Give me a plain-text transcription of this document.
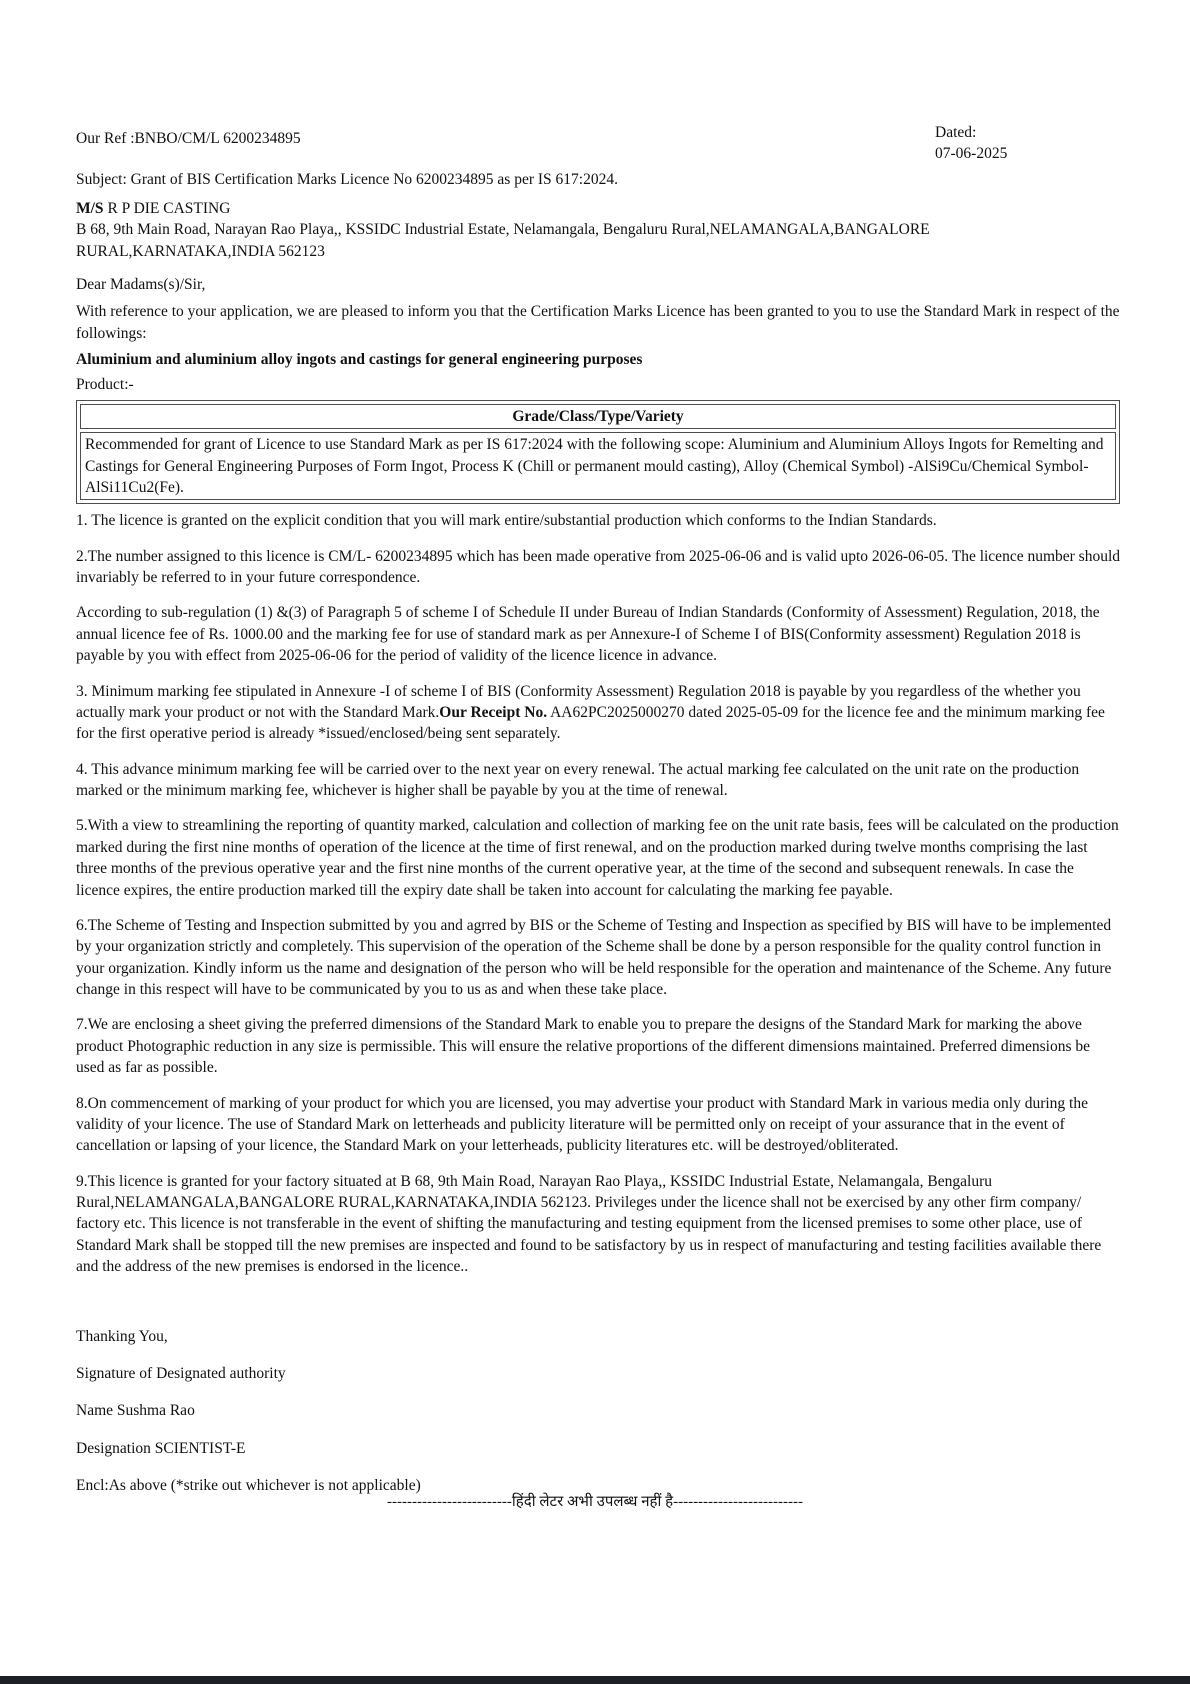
Dated:
07-06-2025

Our Ref :BNBO/CM/L 6200234895

Subject: Grant of BIS Certification Marks Licence No 6200234895 as per IS 617:2024.

M/S R P DIE CASTING

B 68, 9th Main Road, Narayan Rao Playa,, KSSIDC Industrial Estate, Nelamangala, Bengaluru Rural,NELAMANGALA,BANGALORE RURAL,KARNATAKA,INDIA 562123

Dear Madams(s)/Sir,

With reference to your application, we are pleased to inform you that the Certification Marks Licence has been granted to you to use the Standard Mark in respect of the followings:

Aluminium and aluminium alloy ingots and castings for general engineering purposes

Product:-

Grade/Class/Type/Variety
Recommended for grant of Licence to use Standard Mark as per IS 617:2024 with the following scope: Aluminium and Aluminium Alloys Ingots for Remelting and Castings for General Engineering Purposes of Form Ingot, Process K (Chill or permanent mould casting), Alloy (Chemical Symbol) -AlSi9Cu/Chemical Symbol-AlSi11Cu2(Fe).

1. The licence is granted on the explicit condition that you will mark entire/substantial production which conforms to the Indian Standards.

2.The number assigned to this licence is CM/L- 6200234895 which has been made operative from 2025-06-06 and is valid upto 2026-06-05. The licence number should invariably be referred to in your future correspondence.

According to sub-regulation (1) &(3) of Paragraph 5 of scheme I of Schedule II under Bureau of Indian Standards (Conformity of Assessment) Regulation, 2018, the annual licence fee of Rs. 1000.00 and the marking fee for use of standard mark as per Annexure-I of Scheme I of BIS(Conformity assessment) Regulation 2018 is payable by you with effect from 2025-06-06 for the period of validity of the licence licence in advance.

3. Minimum marking fee stipulated in Annexure -I of scheme I of BIS (Conformity Assessment) Regulation 2018 is payable by you regardless of the whether you actually mark your product or not with the Standard Mark.Our Receipt No. AA62PC2025000270 dated 2025-05-09 for the licence fee and the minimum marking fee for the first operative period is already *issued/enclosed/being sent separately.

4. This advance minimum marking fee will be carried over to the next year on every renewal. The actual marking fee calculated on the unit rate on the production marked or the minimum marking fee, whichever is higher shall be payable by you at the time of renewal.

5.With a view to streamlining the reporting of quantity marked, calculation and collection of marking fee on the unit rate basis, fees will be calculated on the production marked during the first nine months of operation of the licence at the time of first renewal, and on the production marked during twelve months comprising the last three months of the previous operative year and the first nine months of the current operative year, at the time of the second and subsequent renewals. In case the licence expires, the entire production marked till the expiry date shall be taken into account for calculating the marking fee payable.

6.The Scheme of Testing and Inspection submitted by you and agrred by BIS or the Scheme of Testing and Inspection as specified by BIS will have to be implemented by your organization strictly and completely. This supervision of the operation of the Scheme shall be done by a person responsible for the quality control function in your organization. Kindly inform us the name and designation of the person who will be held responsible for the operation and maintenance of the Scheme. Any future change in this respect will have to be communicated by you to us as and when these take place.

7.We are enclosing a sheet giving the preferred dimensions of the Standard Mark to enable you to prepare the designs of the Standard Mark for marking the above product Photographic reduction in any size is permissible. This will ensure the relative proportions of the different dimensions maintained. Preferred dimensions be used as far as possible.

8.On commencement of marking of your product for which you are licensed, you may advertise your product with Standard Mark in various media only during the validity of your licence. The use of Standard Mark on letterheads and publicity literature will be permitted only on receipt of your assurance that in the event of cancellation or lapsing of your licence, the Standard Mark on your letterheads, publicity literatures etc. will be destroyed/obliterated.

9.This licence is granted for your factory situated at B 68, 9th Main Road, Narayan Rao Playa,, KSSIDC Industrial Estate, Nelamangala, Bengaluru Rural,NELAMANGALA,BANGALORE RURAL,KARNATAKA,INDIA 562123. Privileges under the licence shall not be exercised by any other firm company/ factory etc. This licence is not transferable in the event of shifting the manufacturing and testing equipment from the licensed premises to some other place, use of Standard Mark shall be stopped till the new premises are inspected and found to be satisfactory by us in respect of manufacturing and testing facilities available there and the address of the new premises is endorsed in the licence..

Thanking You,

Signature of Designated authority

Name Sushma Rao

Designation SCIENTIST-E

Encl:As above (*strike out whichever is not applicable)

-------------------------हिंदी लेटर अभी उपलब्ध नहीं है--------------------------
